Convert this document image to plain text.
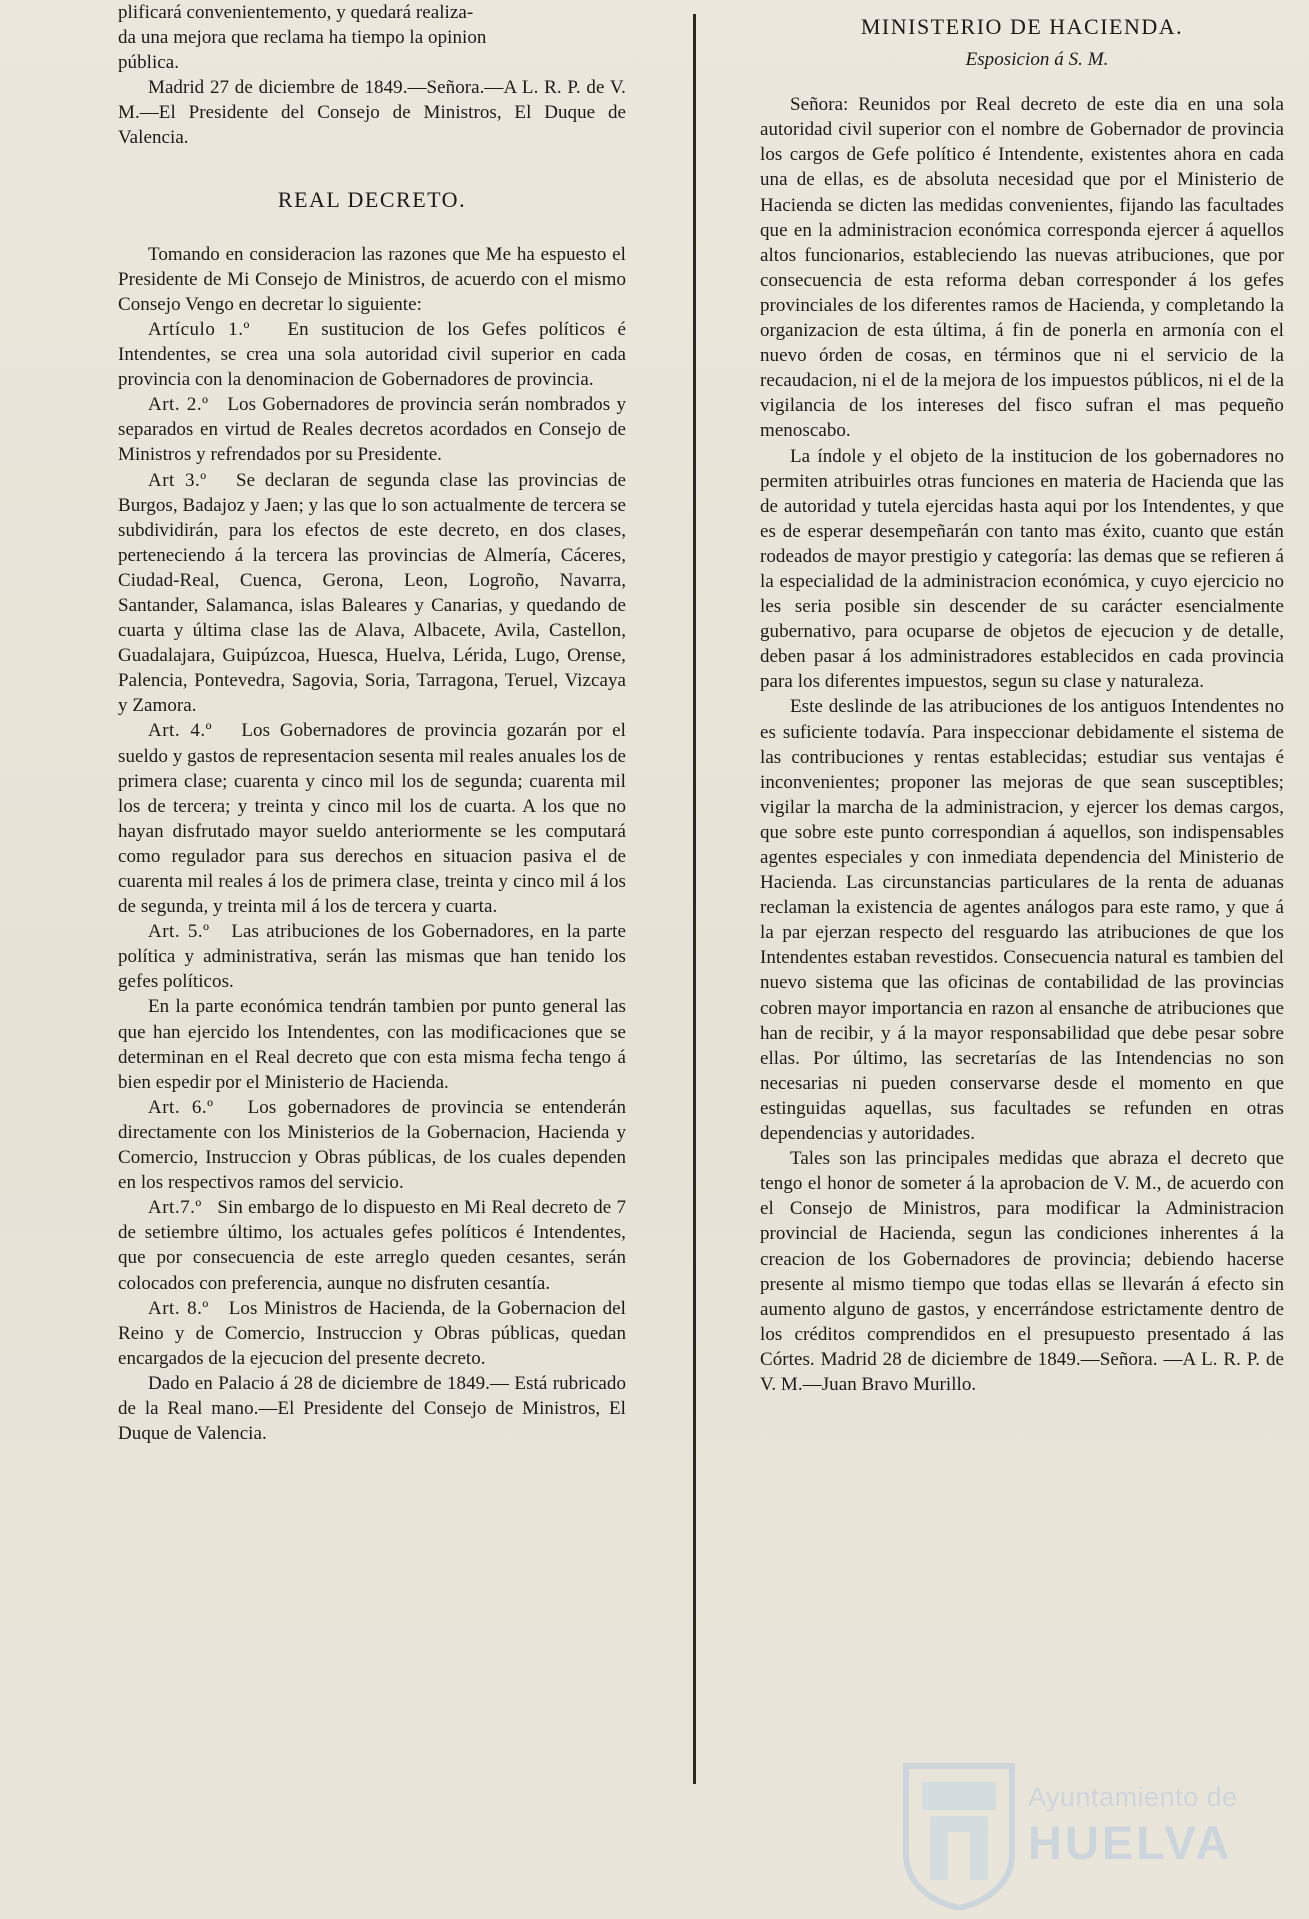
plificará convenientemento, y quedará realiza-

da una mejora que reclama ha tiempo la opinion

pública.

Madrid 27 de diciembre de 1849.—Señora.—A L. R. P. de V. M.—El Presidente del Consejo de Ministros, El Duque de Valencia.

REAL DECRETO.

Tomando en consideracion las razones que Me ha espuesto el Presidente de Mi Consejo de Ministros, de acuerdo con el mismo Consejo Vengo en decretar lo siguiente:

Artículo 1.º En sustitucion de los Gefes políticos é Intendentes, se crea una sola autoridad civil superior en cada provincia con la denominacion de Gobernadores de provincia.

Art. 2.º Los Gobernadores de provincia serán nombrados y separados en virtud de Reales decretos acordados en Consejo de Ministros y refrendados por su Presidente.

Art 3.º Se declaran de segunda clase las provincias de Burgos, Badajoz y Jaen; y las que lo son actualmente de tercera se subdividirán, para los efectos de este decreto, en dos clases, perteneciendo á la tercera las provincias de Almería, Cáceres, Ciudad-Real, Cuenca, Gerona, Leon, Logroño, Navarra, Santander, Salamanca, islas Baleares y Canarias, y quedando de cuarta y última clase las de Alava, Albacete, Avila, Castellon, Guadalajara, Guipúzcoa, Huesca, Huelva, Lérida, Lugo, Orense, Palencia, Pontevedra, Sagovia, Soria, Tarragona, Teruel, Vizcaya y Zamora.

Art. 4.º Los Gobernadores de provincia gozarán por el sueldo y gastos de representacion sesenta mil reales anuales los de primera clase; cuarenta y cinco mil los de segunda; cuarenta mil los de tercera; y treinta y cinco mil los de cuarta. A los que no hayan disfrutado mayor sueldo anteriormente se les computará como regulador para sus derechos en situacion pasiva el de cuarenta mil reales á los de primera clase, treinta y cinco mil á los de segunda, y treinta mil á los de tercera y cuarta.

Art. 5.º Las atribuciones de los Gobernadores, en la parte política y administrativa, serán las mismas que han tenido los gefes políticos.

En la parte económica tendrán tambien por punto general las que han ejercido los Intendentes, con las modificaciones que se determinan en el Real decreto que con esta misma fecha tengo á bien espedir por el Ministerio de Hacienda.

Art. 6.º Los gobernadores de provincia se entenderán directamente con los Ministerios de la Gobernacion, Hacienda y Comercio, Instruccion y Obras públicas, de los cuales dependen en los respectivos ramos del servicio.

Art.7.º Sin embargo de lo dispuesto en Mi Real decreto de 7 de setiembre último, los actuales gefes políticos é Intendentes, que por consecuencia de este arreglo queden cesantes, serán colocados con preferencia, aunque no disfruten cesantía.

Art. 8.º Los Ministros de Hacienda, de la Gobernacion del Reino y de Comercio, Instruccion y Obras públicas, quedan encargados de la ejecucion del presente decreto.

Dado en Palacio á 28 de diciembre de 1849.— Está rubricado de la Real mano.—El Presidente del Consejo de Ministros, El Duque de Valencia.

MINISTERIO DE HACIENDA.

Esposicion á S. M.

Señora: Reunidos por Real decreto de este dia en una sola autoridad civil superior con el nombre de Gobernador de provincia los cargos de Gefe político é Intendente, existentes ahora en cada una de ellas, es de absoluta necesidad que por el Ministerio de Hacienda se dicten las medidas convenientes, fijando las facultades que en la administracion económica corresponda ejercer á aquellos altos funcionarios, estableciendo las nuevas atribuciones, que por consecuencia de esta reforma deban corresponder á los gefes provinciales de los diferentes ramos de Hacienda, y completando la organizacion de esta última, á fin de ponerla en armonía con el nuevo órden de cosas, en términos que ni el servicio de la recaudacion, ni el de la mejora de los impuestos públicos, ni el de la vigilancia de los intereses del fisco sufran el mas pequeño menoscabo.

La índole y el objeto de la institucion de los gobernadores no permiten atribuirles otras funciones en materia de Hacienda que las de autoridad y tutela ejercidas hasta aqui por los Intendentes, y que es de esperar desempeñarán con tanto mas éxito, cuanto que están rodeados de mayor prestigio y categoría: las demas que se refieren á la especialidad de la administracion económica, y cuyo ejercicio no les seria posible sin descender de su carácter esencialmente gubernativo, para ocuparse de objetos de ejecucion y de detalle, deben pasar á los administradores establecidos en cada provincia para los diferentes impuestos, segun su clase y naturaleza.

Este deslinde de las atribuciones de los antiguos Intendentes no es suficiente todavía. Para inspeccionar debidamente el sistema de las contribuciones y rentas establecidas; estudiar sus ventajas é inconvenientes; proponer las mejoras de que sean susceptibles; vigilar la marcha de la administracion, y ejercer los demas cargos, que sobre este punto correspondian á aquellos, son indispensables agentes especiales y con inmediata dependencia del Ministerio de Hacienda. Las circunstancias particulares de la renta de aduanas reclaman la existencia de agentes análogos para este ramo, y que á la par ejerzan respecto del resguardo las atribuciones de que los Intendentes estaban revestidos. Consecuencia natural es tambien del nuevo sistema que las oficinas de contabilidad de las provincias cobren mayor importancia en razon al ensanche de atribuciones que han de recibir, y á la mayor responsabilidad que debe pesar sobre ellas. Por último, las secretarías de las Intendencias no son necesarias ni pueden conservarse desde el momento en que estinguidas aquellas, sus facultades se refunden en otras dependencias y autoridades.

Tales son las principales medidas que abraza el decreto que tengo el honor de someter á la aprobacion de V. M., de acuerdo con el Consejo de Ministros, para modificar la Administracion provincial de Hacienda, segun las condiciones inherentes á la creacion de los Gobernadores de provincia; debiendo hacerse presente al mismo tiempo que todas ellas se llevarán á efecto sin aumento alguno de gastos, y encerrándose estrictamente dentro de los créditos comprendidos en el presupuesto presentado á las Córtes. Madrid 28 de diciembre de 1849.—Señora. —A L. R. P. de V. M.—Juan Bravo Murillo.

Ayuntamiento de
HUELVA
